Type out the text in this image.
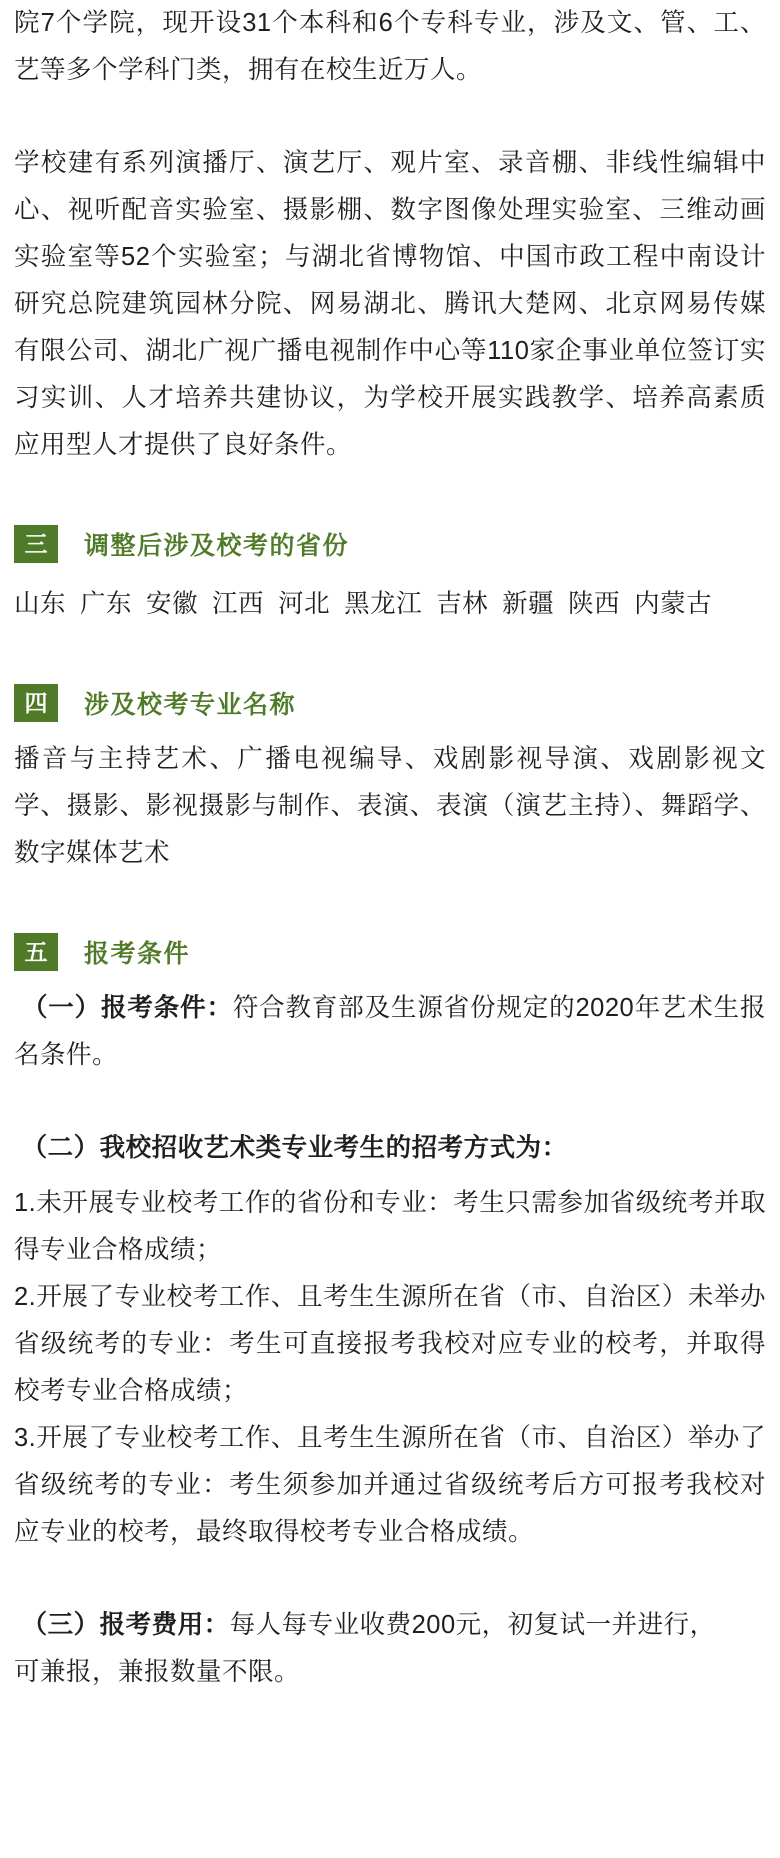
院7个学院，现开设31个本科和6个专科专业，涉及文、管、工、艺等多个学科门类，拥有在校生近万人。

学校建有系列演播厅、演艺厅、观片室、录音棚、非线性编辑中心、视听配音实验室、摄影棚、数字图像处理实验室、三维动画实验室等52个实验室；与湖北省博物馆、中国市政工程中南设计研究总院建筑园林分院、网易湖北、腾讯大楚网、北京网易传媒有限公司、湖北广视广播电视制作中心等110家企事业单位签订实习实训、人才培养共建协议，为学校开展实践教学、培养高素质应用型人才提供了良好条件。

三	调整后涉及校考的省份

山东 广东 安徽 江西 河北 黑龙江 吉林 新疆 陕西 内蒙古

四	涉及校考专业名称

播音与主持艺术、广播电视编导、戏剧影视导演、戏剧影视文学、摄影、影视摄影与制作、表演、表演（演艺主持）、舞蹈学、数字媒体艺术

五	报考条件

（一）报考条件：符合教育部及生源省份规定的2020年艺术生报名条件。

（二）我校招收艺术类专业考生的招考方式为：

1.未开展专业校考工作的省份和专业：考生只需参加省级统考并取得专业合格成绩；

2.开展了专业校考工作、且考生生源所在省（市、自治区）未举办省级统考的专业：考生可直接报考我校对应专业的校考，并取得校考专业合格成绩；

3.开展了专业校考工作、且考生生源所在省（市、自治区）举办了省级统考的专业：考生须参加并通过省级统考后方可报考我校对应专业的校考，最终取得校考专业合格成绩。

（三）报考费用：每人每专业收费200元，初复试一并进行，

可兼报，兼报数量不限。
